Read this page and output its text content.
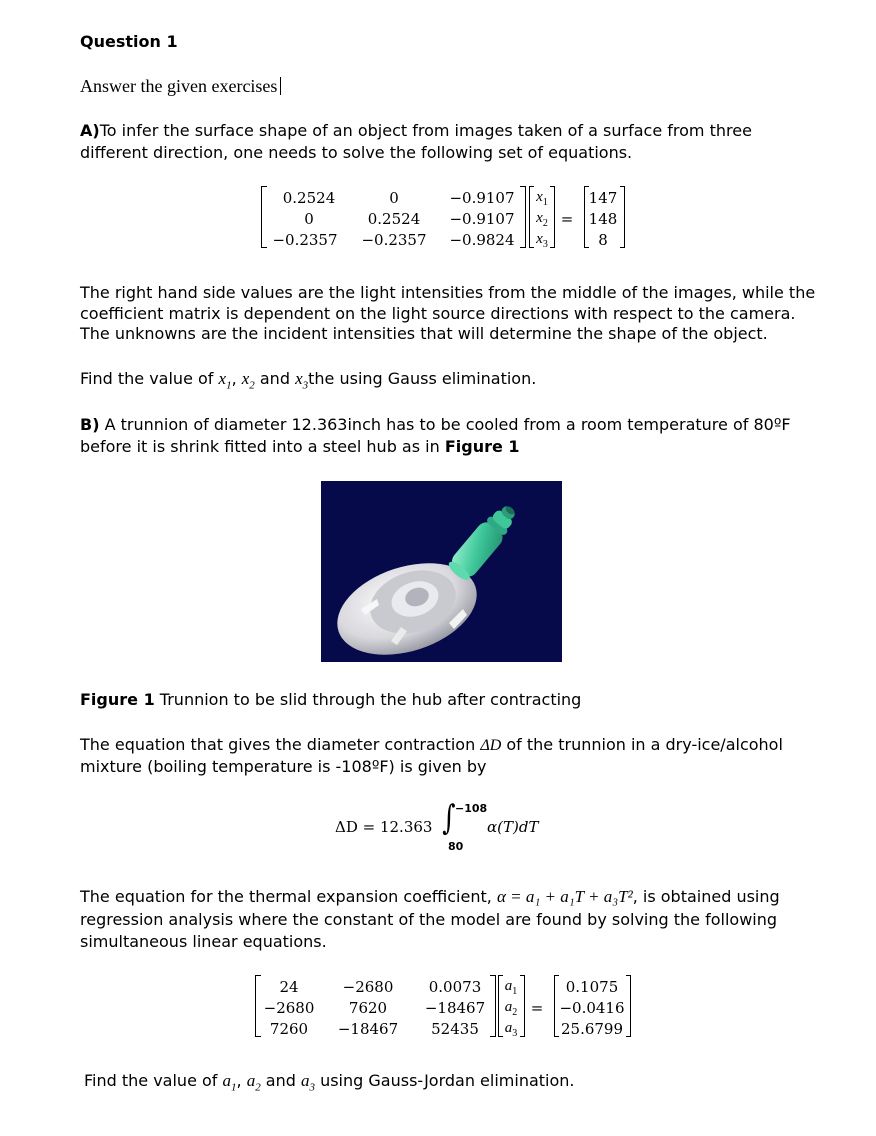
Question 1
Answer the given exercises
A)To infer the surface shape of an object from images taken of a surface from three
different direction, one needs to solve the following set of equations.
0.2524	0	−0.9107
0	0.2524	−0.9107
−0.2357	−0.2357	−0.9824
$x_1$
$x_2$
$x_3$
=
147
148
8
The right hand side values are the light intensities from the middle of the images, while the
coefficient matrix is dependent on the light source directions with respect to the camera.
The unknowns are the incident intensities that will determine the shape of the object.
Find the value of $x_1$, $x_2$ and $x_3the$ using Gauss elimination.
B) A trunnion of diameter 12.363inch has to be cooled from a room temperature of 80ºF
before it is shrink fitted into a steel hub as in Figure 1
Figure 1 Trunnion to be slid through the hub after contracting
The equation that gives the diameter contraction ΔD of the trunnion in a dry-ice/alcohol
mixture (boiling temperature is -108ºF) is given by
ΔD = 12.363 ∫ −108
80
α(T)dT
The equation for the thermal expansion coefficient, α = a₁ + a₁T + a₃T², is obtained using
regression analysis where the constant of the model are found by solving the following
simultaneous linear equations.
24	−2680	0.0073
−2680	7620	−18467
7260	−18467	52435
$a_1$
$a_2$
$a_3$
=
0.1075
−0.0416
25.6799
Find the value of $a_1$, $a_2$ and $a_3$ using Gauss-Jordan elimination.
